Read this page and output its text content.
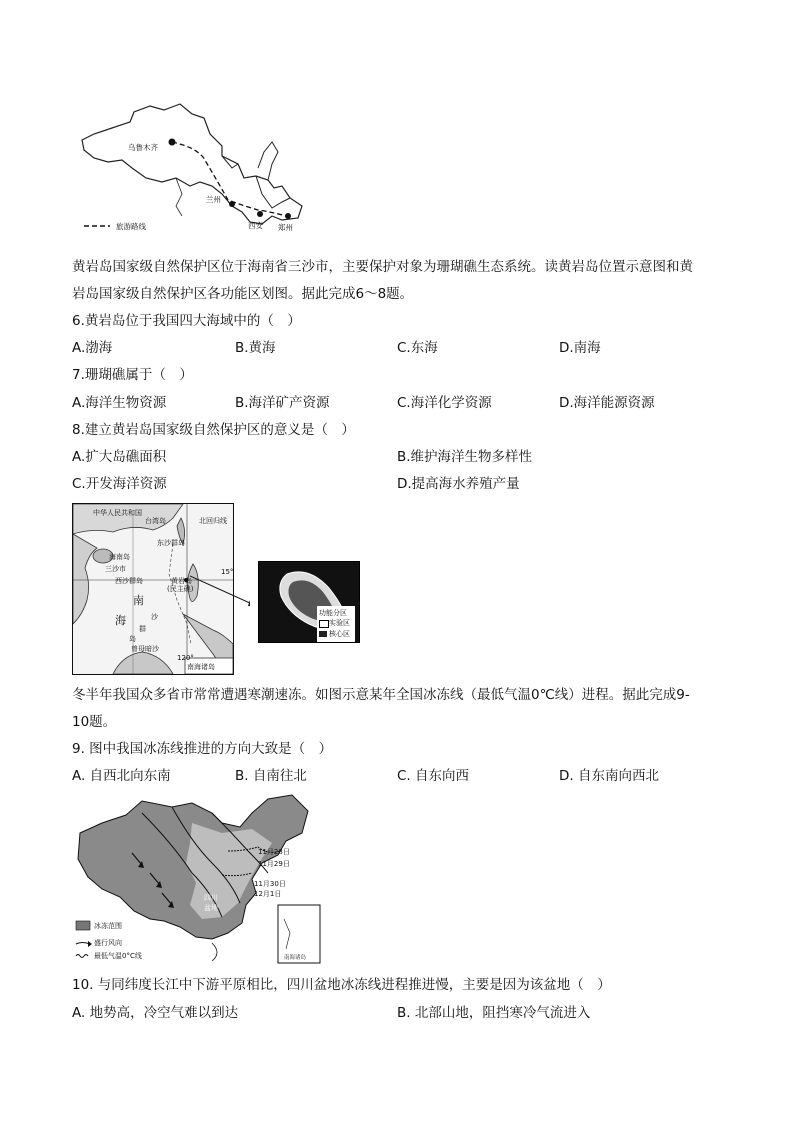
乌鲁木齐
兰州
西安 郑州
旅游路线
黄岩岛国家级自然保护区位于海南省三沙市，主要保护对象为珊瑚礁生态系统。读黄岩岛位置示意图和黄
岩岛国家级自然保护区各功能区划图。据此完成6～8题。
6.黄岩岛位于我国四大海域中的（　）
A.渤海	B.黄海	C.东海	D.南海
7.珊瑚礁属于（　）
A.海洋生物资源	B.海洋矿产资源	C.海洋化学资源	D.海洋能源资源
8.建立黄岩岛国家级自然保护区的意义是（　）
A.扩大岛礁面积	B.维护海洋生物多样性
C.开发海洋资源	D.提高海水养殖产量
中华人民共和国
台湾岛	北回归线
海南岛
东沙群岛
三沙市
西沙群岛	黄岩岛
(民主礁)
15°
南
海	沙
群
岛
曾母暗沙
120°
南海诸岛
功能分区
实验区
核心区
冬半年我国众多省市常常遭遇寒潮速冻。如图示意某年全国冰冻线（最低气温0℃线）进程。据此完成9-
10题。
9. 图中我国冰冻线推进的方向大致是（　）
A. 自西北向东南	B. 自南往北	C. 自东向西	D. 自东南向西北
11月28日
11月29日
11月30日
12月1日
四川
盆地
冰冻范围
盛行风向
最低气温0°C线	南海诸岛
10. 与同纬度长江中下游平原相比，四川盆地冰冻线进程推进慢，主要是因为该盆地（　）
A. 地势高，冷空气难以到达	B. 北部山地，阻挡寒冷气流进入
